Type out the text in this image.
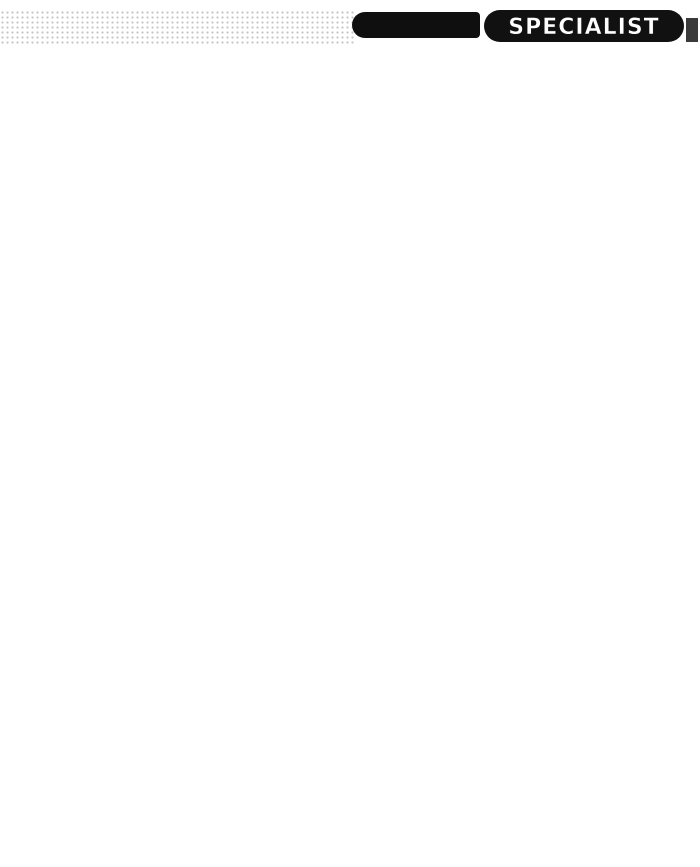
SPECIALIST
